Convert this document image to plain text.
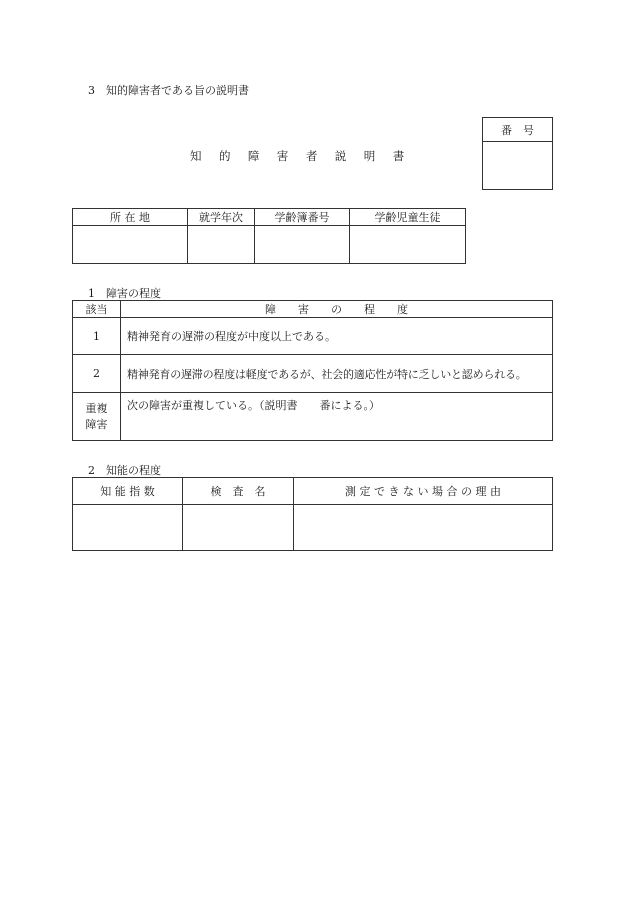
3　知的障害者である旨の説明書
知 的 障 害 者 説 明 書
番　号

所 在 地	就学年次	学齢簿番号	学齢児童生徒

1　障害の程度
該当	障　　害　　の　　程　　度
1	精神発育の遅滞の程度が中度以上である。
2	精神発育の遅滞の程度は軽度であるが、社会的適応性が特に乏しいと認められる。
重複
障害	次の障害が重複している。（説明書　　番による。）
2　知能の程度
知 能 指 数	検　査　名	測 定 で き な い 場 合 の 理 由
